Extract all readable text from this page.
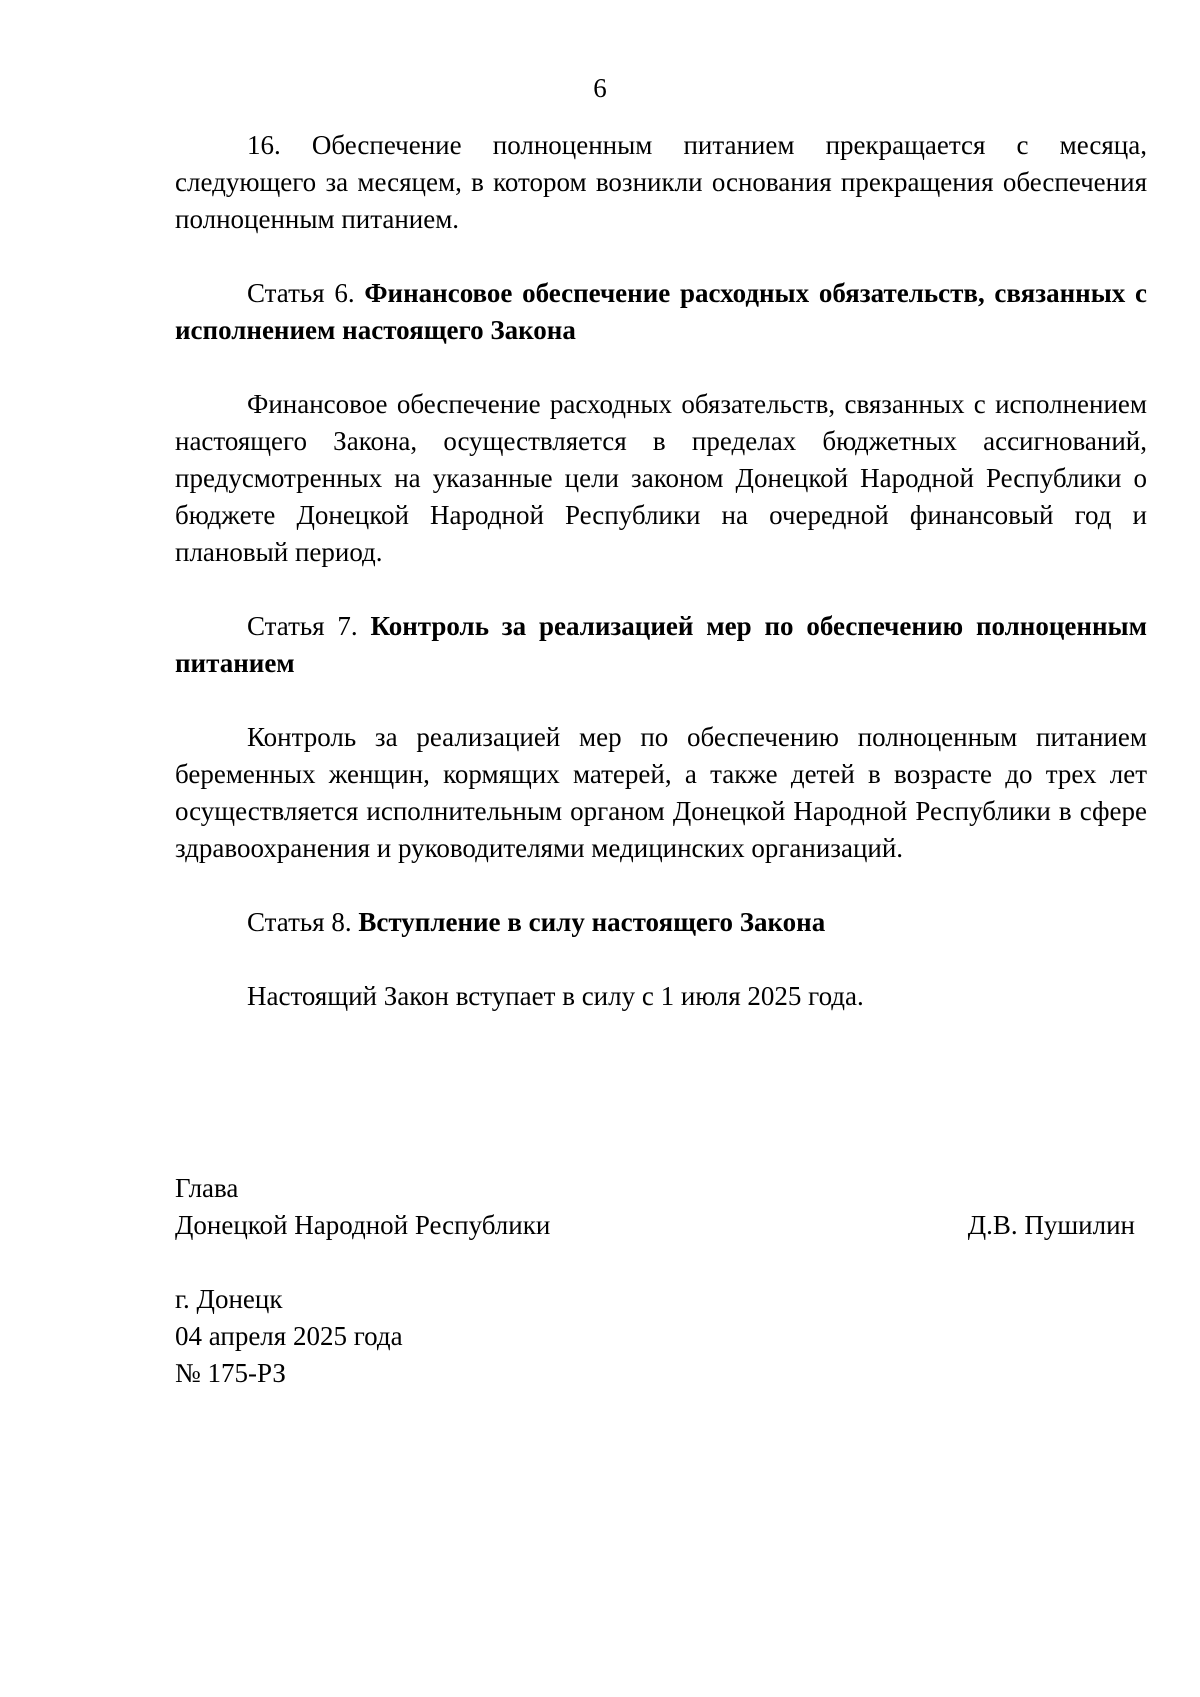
6

16. Обеспечение полноценным питанием прекращается с месяца, следующего за месяцем, в котором возникли основания прекращения обеспечения полноценным питанием.

Статья 6. Финансовое обеспечение расходных обязательств, связанных с исполнением настоящего Закона

Финансовое обеспечение расходных обязательств, связанных с исполнением настоящего Закона, осуществляется в пределах бюджетных ассигнований, предусмотренных на указанные цели законом Донецкой Народной Республики о бюджете Донецкой Народной Республики на очередной финансовый год и плановый период.

Статья 7. Контроль за реализацией мер по обеспечению полноценным питанием

Контроль за реализацией мер по обеспечению полноценным питанием беременных женщин, кормящих матерей, а также детей в возрасте до трех лет осуществляется исполнительным органом Донецкой Народной Республики в сфере здравоохранения и руководителями медицинских организаций.

Статья 8. Вступление в силу настоящего Закона

Настоящий Закон вступает в силу с 1 июля 2025 года.

Глава
Донецкой Народной Республики	Д.В. Пушилин
г. Донецк
04 апреля 2025 года
№ 175-РЗ
